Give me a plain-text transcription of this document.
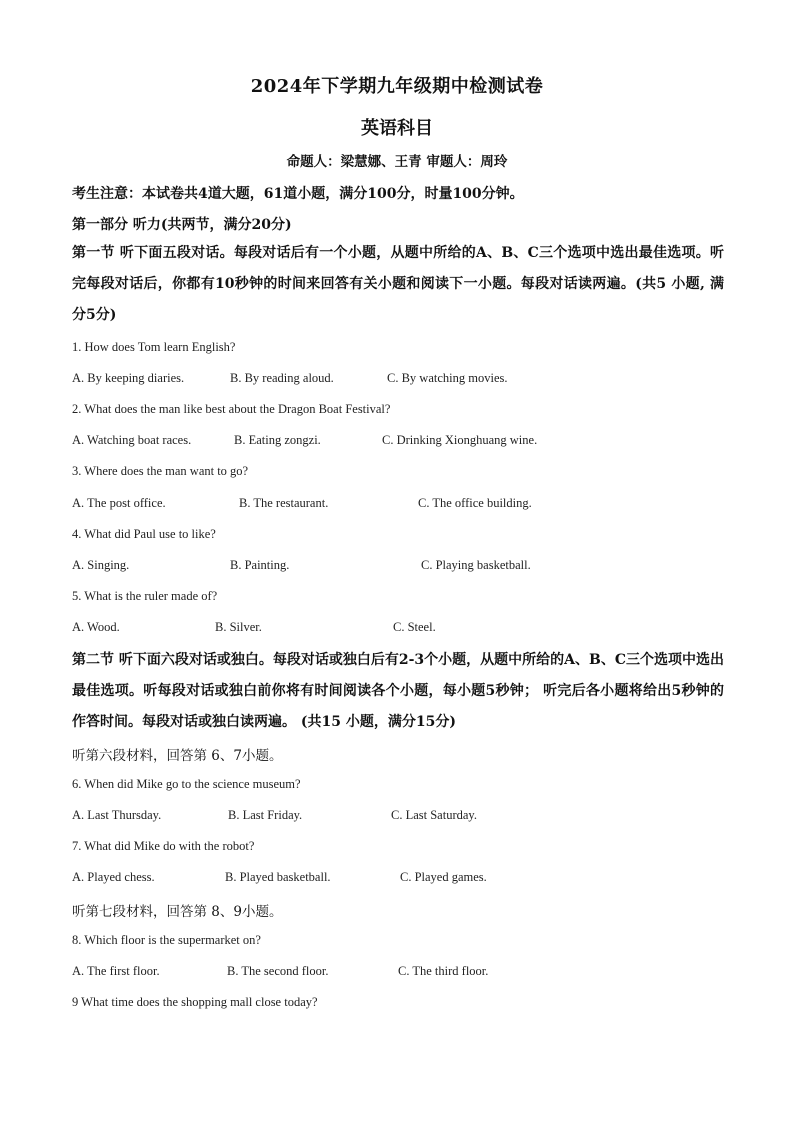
2024年下学期九年级期中检测试卷
英语科目
命题人：梁慧娜、王青 审题人：周玲
考生注意：本试卷共4道大题，61道小题，满分100分，时量100分钟。
第一部分 听力(共两节，满分20分)
第一节 听下面五段对话。每段对话后有一个小题，从题中所给的A、B、C三个选项中选出最佳选项。听完每段对话后，你都有10秒钟的时间来回答有关小题和阅读下一小题。每段对话读两遍。(共5 小题, 满分5分)
1. How does Tom learn English?
A. By keeping diaries.	B. By reading aloud.	C. By watching movies.
2. What does the man like best about the Dragon Boat Festival?
A. Watching boat races.	B. Eating zongzi.	C. Drinking Xionghuang wine.
3. Where does the man want to go?
A. The post office.	B. The restaurant.	C. The office building.
4. What did Paul use to like?
A. Singing.	B. Painting.	C. Playing basketball.
5. What is the ruler made of?
A. Wood.	B. Silver.	C. Steel.
第二节 听下面六段对话或独白。每段对话或独白后有2-3个小题，从题中所给的A、B、C三个选项中选出最佳选项。听每段对话或独白前你将有时间阅读各个小题，每小题5秒钟； 听完后各小题将给出5秒钟的作答时间。每段对话或独白读两遍。 (共15 小题，满分15分)
听第六段材料，回答第 6、7小题。
6. When did Mike go to the science museum?
A. Last Thursday.	B. Last Friday.	C. Last Saturday.
7. What did Mike do with the robot?
A. Played chess.	B. Played basketball.	C. Played games.
听第七段材料，回答第 8、9小题。
8. Which floor is the supermarket on?
A. The first floor.	B. The second floor.	C. The third floor.
9 What time does the shopping mall close today?
